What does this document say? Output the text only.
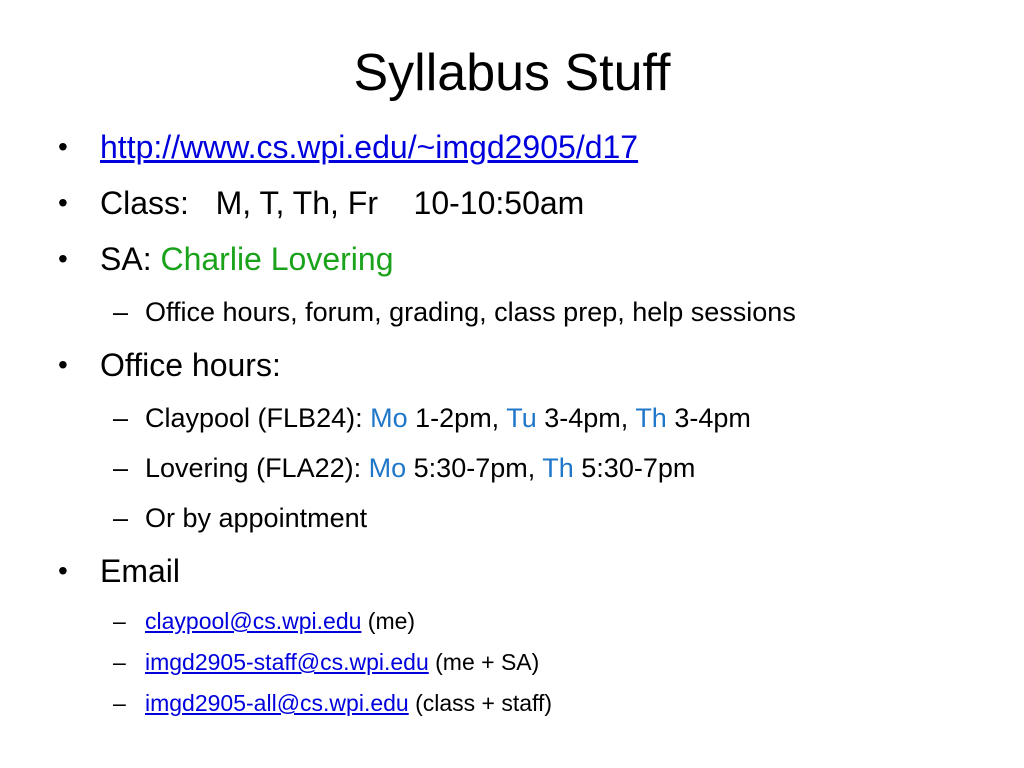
Syllabus Stuff
•	http://www.cs.wpi.edu/~imgd2905/d17
•	Class: M, T, Th, Fr 10-10:50am
•	SA: Charlie Lovering
– Office hours, forum, grading, class prep, help sessions
•	Office hours:
– Claypool (FLB24): Mo 1-2pm, Tu 3-4pm, Th 3-4pm
– Lovering (FLA22): Mo 5:30-7pm, Th 5:30-7pm
– Or by appointment
•	Email
– claypool@cs.wpi.edu (me)
– imgd2905-staff@cs.wpi.edu (me + SA)
– imgd2905-all@cs.wpi.edu (class + staff)
